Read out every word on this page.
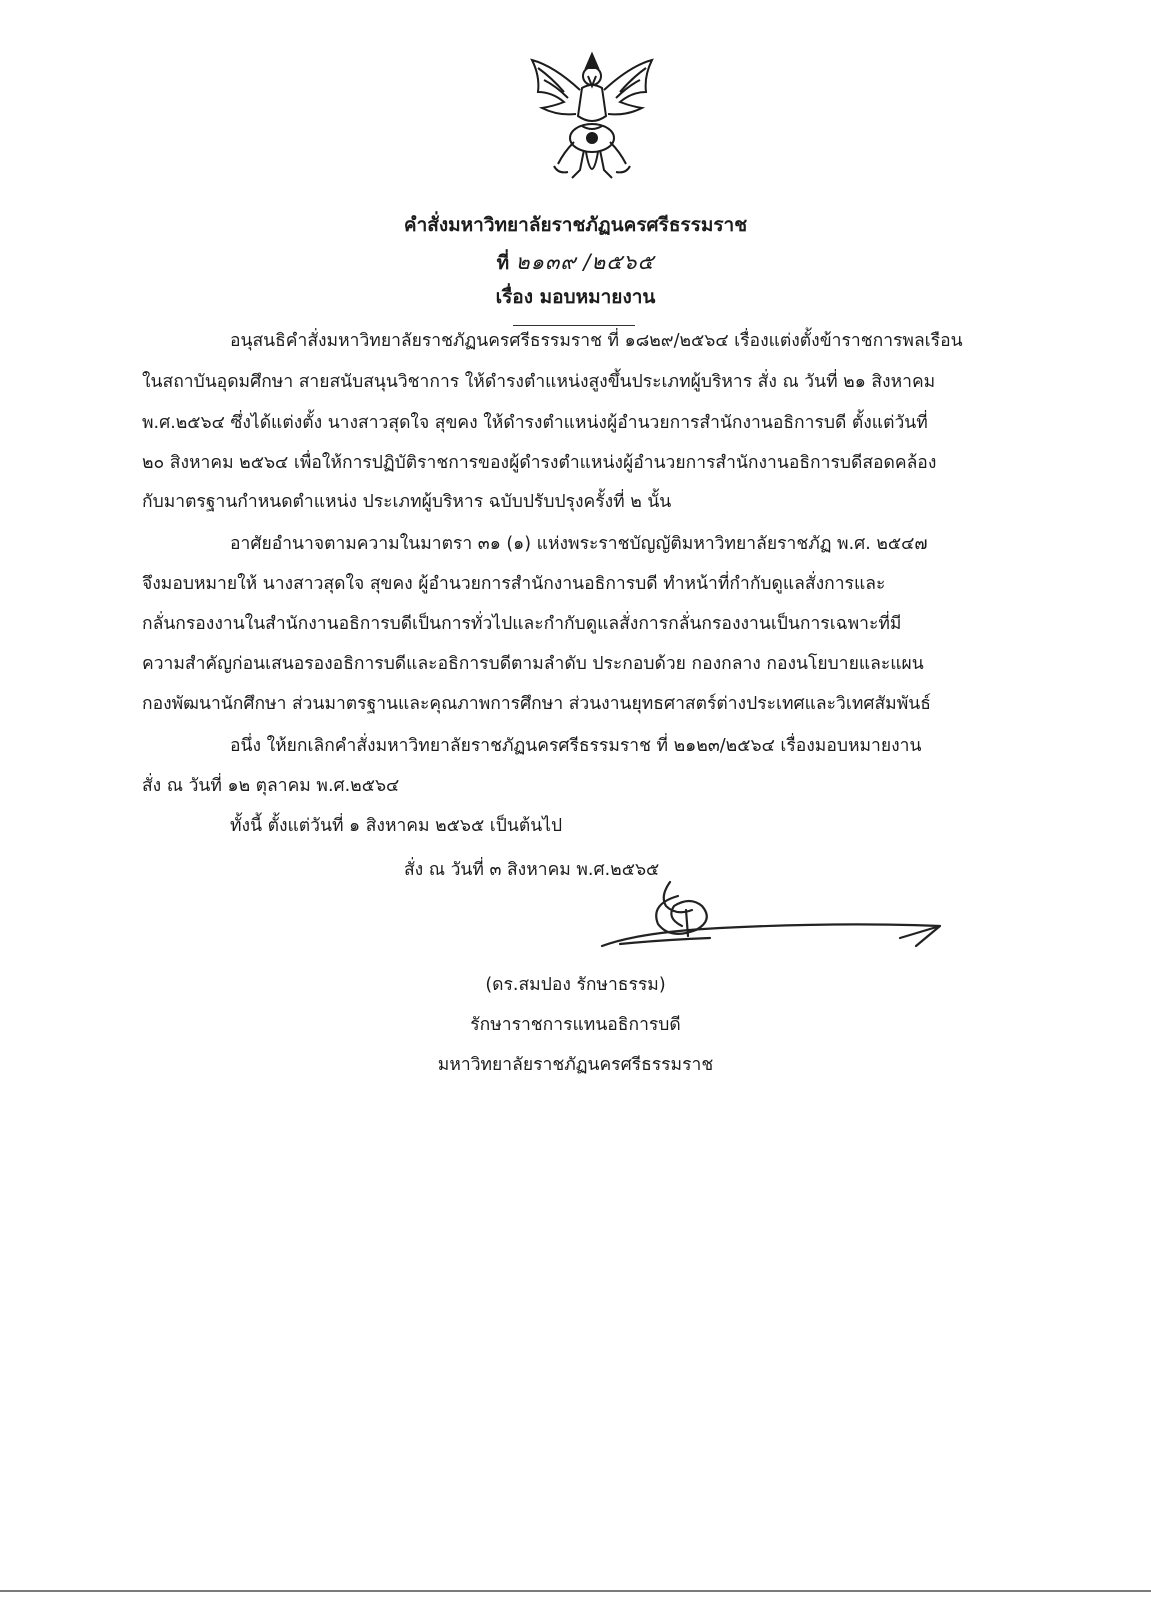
คำสั่งมหาวิทยาลัยราชภัฏนครศรีธรรมราช
ที่ ๒๑๓๙ /๒๕๖๕
เรื่อง มอบหมายงาน
อนุสนธิคำสั่งมหาวิทยาลัยราชภัฏนครศรีธรรมราช ที่ ๑๘๒๙/๒๕๖๔ เรื่องแต่งตั้งข้าราชการพลเรือน
ในสถาบันอุดมศึกษา สายสนับสนุนวิชาการ ให้ดำรงตำแหน่งสูงขึ้นประเภทผู้บริหาร สั่ง ณ วันที่ ๒๑ สิงหาคม
พ.ศ.๒๕๖๔ ซึ่งได้แต่งตั้ง นางสาวสุดใจ สุขคง ให้ดำรงตำแหน่งผู้อำนวยการสำนักงานอธิการบดี ตั้งแต่วันที่
๒๐ สิงหาคม ๒๕๖๔ เพื่อให้การปฏิบัติราชการของผู้ดำรงตำแหน่งผู้อำนวยการสำนักงานอธิการบดีสอดคล้อง
กับมาตรฐานกำหนดตำแหน่ง ประเภทผู้บริหาร ฉบับปรับปรุงครั้งที่ ๒ นั้น
อาศัยอำนาจตามความในมาตรา ๓๑ (๑) แห่งพระราชบัญญัติมหาวิทยาลัยราชภัฏ พ.ศ. ๒๕๔๗
จึงมอบหมายให้ นางสาวสุดใจ สุขคง ผู้อำนวยการสำนักงานอธิการบดี ทำหน้าที่กำกับดูแลสั่งการและ
กลั่นกรองงานในสำนักงานอธิการบดีเป็นการทั่วไปและกำกับดูแลสั่งการกลั่นกรองงานเป็นการเฉพาะที่มี
ความสำคัญก่อนเสนอรองอธิการบดีและอธิการบดีตามลำดับ ประกอบด้วย กองกลาง กองนโยบายและแผน
กองพัฒนานักศึกษา ส่วนมาตรฐานและคุณภาพการศึกษา ส่วนงานยุทธศาสตร์ต่างประเทศและวิเทศสัมพันธ์
อนึ่ง ให้ยกเลิกคำสั่งมหาวิทยาลัยราชภัฏนครศรีธรรมราช ที่ ๒๑๒๓/๒๕๖๔ เรื่องมอบหมายงาน
สั่ง ณ วันที่ ๑๒ ตุลาคม พ.ศ.๒๕๖๔
ทั้งนี้ ตั้งแต่วันที่ ๑ สิงหาคม ๒๕๖๕ เป็นต้นไป
สั่ง ณ วันที่ ๓ สิงหาคม พ.ศ.๒๕๖๕
(ดร.สมปอง รักษาธรรม)
รักษาราชการแทนอธิการบดี
มหาวิทยาลัยราชภัฏนครศรีธรรมราช
